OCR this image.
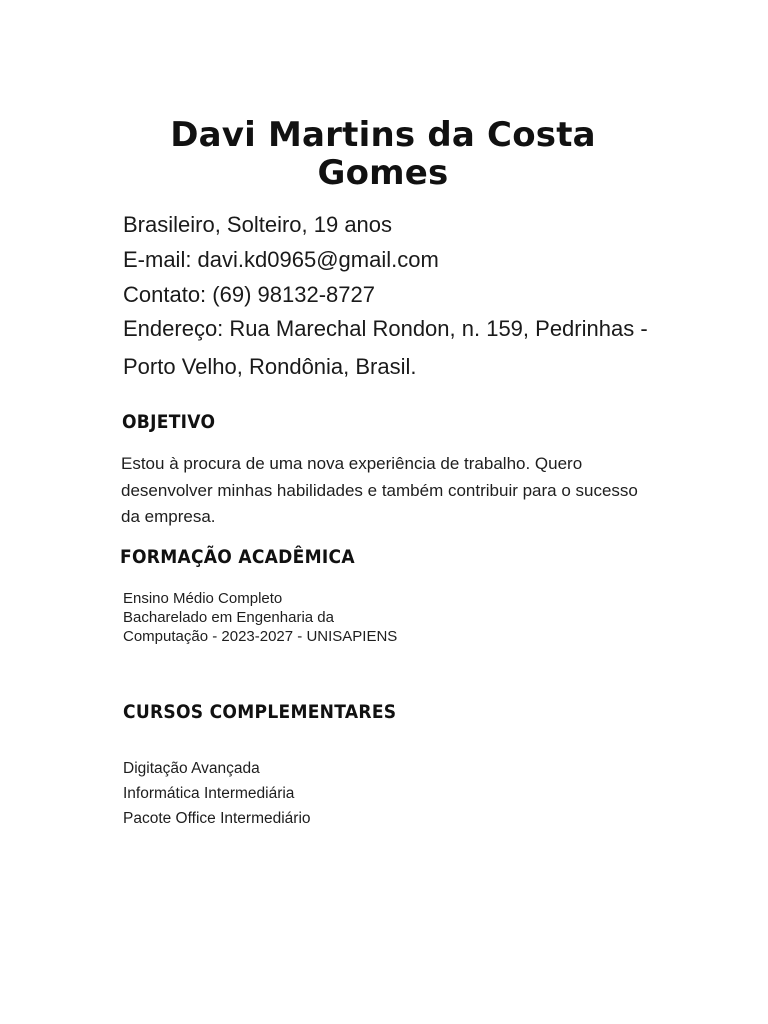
Davi Martins da Costa Gomes
Brasileiro, Solteiro, 19 anos
E-mail: davi.kd0965@gmail.com
Contato: (69) 98132-8727
Endereço: Rua Marechal Rondon, n. 159, Pedrinhas - Porto Velho, Rondônia, Brasil.
OBJETIVO

Estou à procura de uma nova experiência de trabalho. Quero desenvolver minhas habilidades e também contribuir para o sucesso da empresa.

FORMAÇÃO ACADÊMICA
Ensino Médio Completo
Bacharelado em Engenharia da Computação - 2023-2027 - UNISAPIENS
CURSOS COMPLEMENTARES
Digitação Avançada
Informática Intermediária
Pacote Office Intermediário
